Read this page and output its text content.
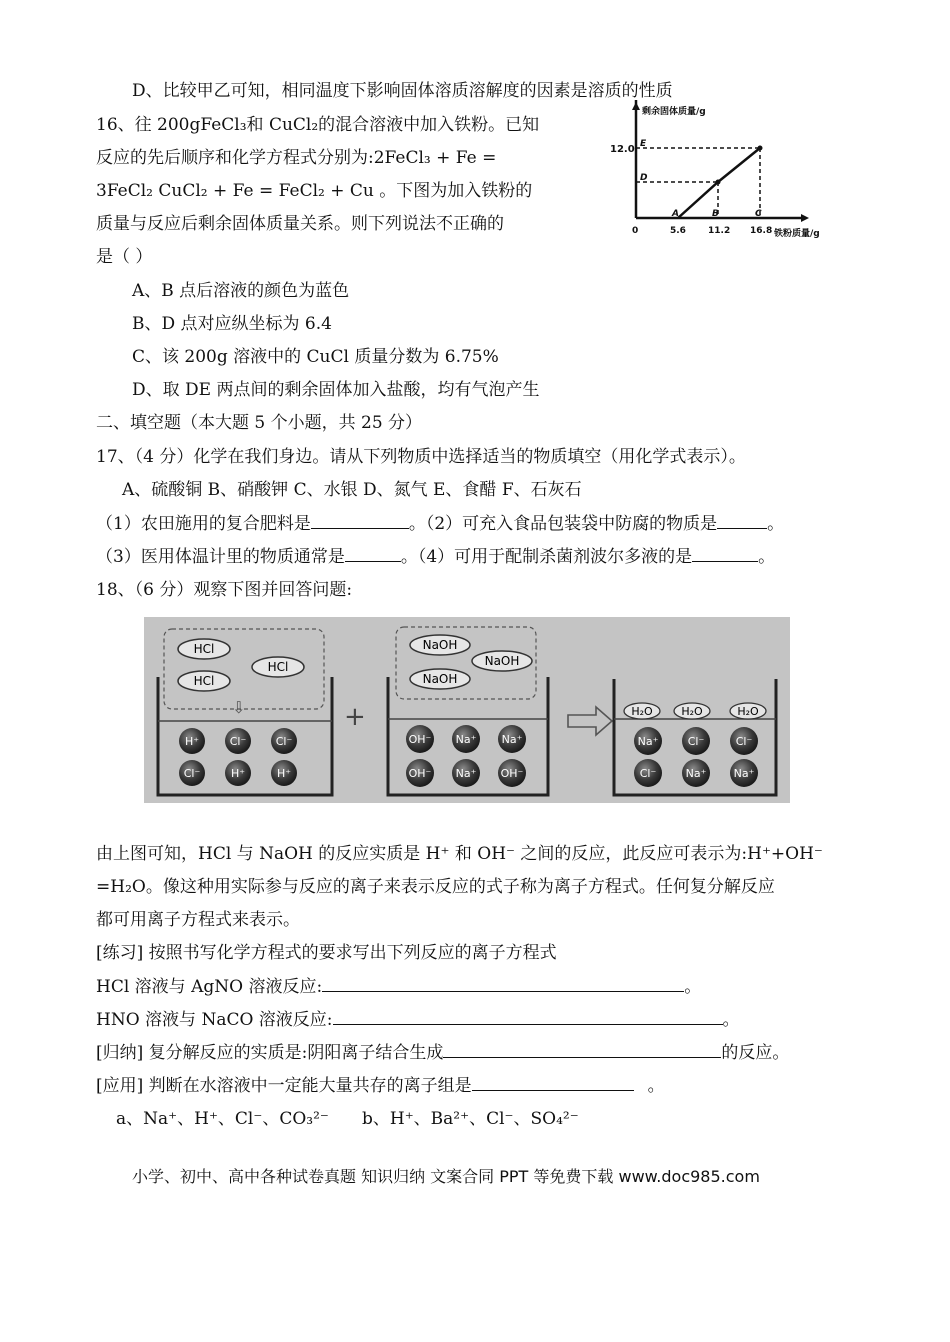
D、比较甲乙可知，相同温度下影响固体溶质溶解度的因素是溶质的性质
16、往 200gFeCl₃和 CuCl₂的混合溶液中加入铁粉。已知
反应的先后顺序和化学方程式分别为:2FeCl₃ + Fe =
3FeCl₂ CuCl₂ + Fe = FeCl₂ + Cu 。下图为加入铁粉的
质量与反应后剩余固体质量关系。则下列说法不正确的
是（ ）
A、B 点后溶液的颜色为蓝色
B、D 点对应纵坐标为 6.4
C、该 200g 溶液中的 CuCl 质量分数为 6.75%
D、取 DE 两点间的剩余固体加入盐酸，均有气泡产生
剩余固体质量/g
12.0 E
D
A	B	C
0	5.6 11.2 16.8 铁粉质量/g
二、填空题（本大题 5 个小题，共 25 分）
17、（4 分）化学在我们身边。请从下列物质中选择适当的物质填空（用化学式表示）。
A、硫酸铜 B、硝酸钾 C、水银 D、氮气 E、食醋 F、石灰石
（1）农田施用的复合肥料是	。（2）可充入食品包装袋中防腐的物质是	。
（3）医用体温计里的物质通常是	。（4）可用于配制杀菌剂波尔多液的是	。
18、（6 分）观察下图并回答问题:
HCl
HCl
HCl
⇩
H⁺	Cl⁻	Cl⁻
Cl⁻	H⁺	H⁺
+
NaOH
NaOH
NaOH
OH⁻ Na⁺ Na⁺
OH⁻ Na⁺ OH⁻
H₂O	H₂O	H₂O
Na⁺	Cl⁻	Cl⁻
Cl⁻	Na⁺ Na⁺
由上图可知，HCl 与 NaOH 的反应实质是 H⁺ 和 OH⁻ 之间的反应，此反应可表示为:H⁺+OH⁻
=H₂O。像这种用实际参与反应的离子来表示反应的式子称为离子方程式。任何复分解反应
都可用离子方程式来表示。
[练习] 按照书写化学方程式的要求写出下列反应的离子方程式
HCl 溶液与 AgNO 溶液反应:	。
HNO 溶液与 NaCO 溶液反应:	。
[归纳] 复分解反应的实质是:阴阳离子结合生成	的反应。
[应用] 判断在水溶液中一定能大量共存的离子组是	。
a、Na⁺、H⁺、Cl⁻、CO₃²⁻ b、H⁺、Ba²⁺、Cl⁻、SO₄²⁻
小学、初中、高中各种试卷真题 知识归纳 文案合同 PPT 等免费下载 www.doc985.com
